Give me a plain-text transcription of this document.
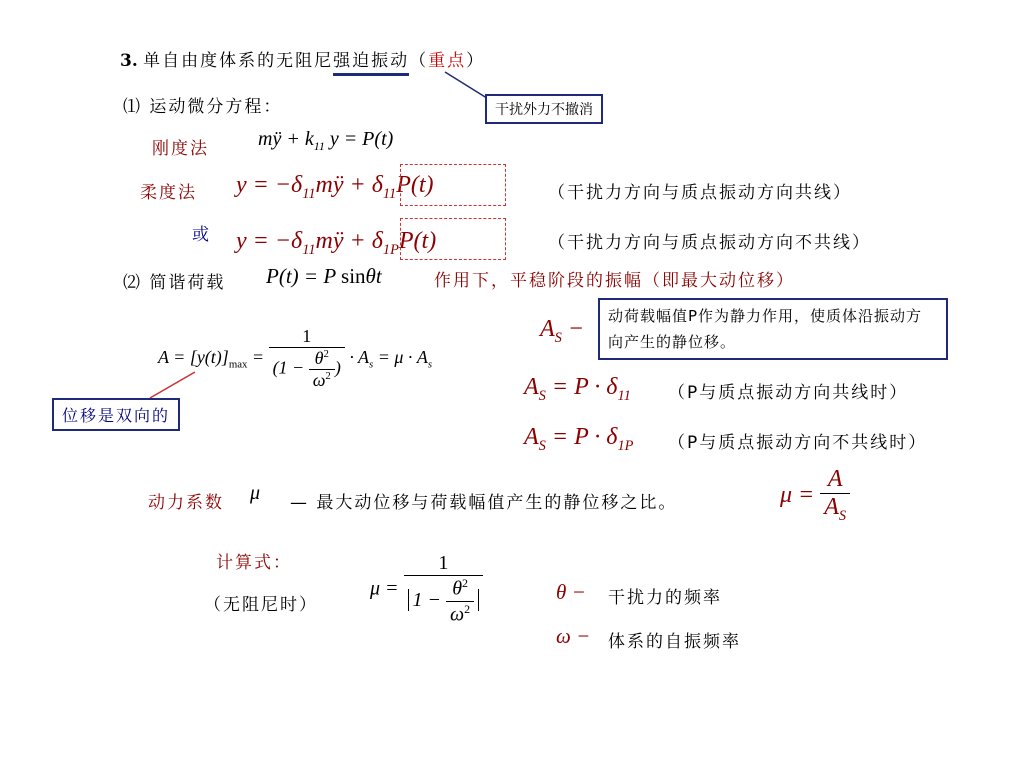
3. 单自由度体系的无阻尼强迫振动（重点）
干扰外力不撤消
⑴ 运动微分方程：
刚度法 mÿ + $k_{11}$ y = P(t)
柔度法 $y = -\delta_{11}mÿ + \delta_{11}P(t)$	（干扰力方向与质点振动方向共线）
或 $y = -\delta_{11}mÿ + \delta_{1P}P(t)$	（干扰力方向与质点振动方向不共线）
⑵ 简谐荷载 P(t) = P sinθt	作用下，平稳阶段的振幅（即最大动位移）
$A = [y(t)]_{max} = \frac{1}{(1 - \frac{\theta^2}{\omega^2} )} \cdot A_s = \mu \cdot A_s$
位移是双向的
$A_S$ −	动荷载幅值P作为静力作用，使质体沿振动方向产生的静位移。
$A_S = P \cdot \delta_{11}$ （P与质点振动方向共线时）
$A_S = P \cdot \delta_{1P}$ （P与质点振动方向不共线时）
动力系数 μ — 最大动位移与荷载幅值产生的静位移之比。	$\mu = \frac{A}{A_S}$
计算式：
（无阻尼时）
$\mu = \frac{1}{1 - \frac{\theta^2}{\omega^2}}$	θ − 干扰力的频率
ω − 体系的自振频率
